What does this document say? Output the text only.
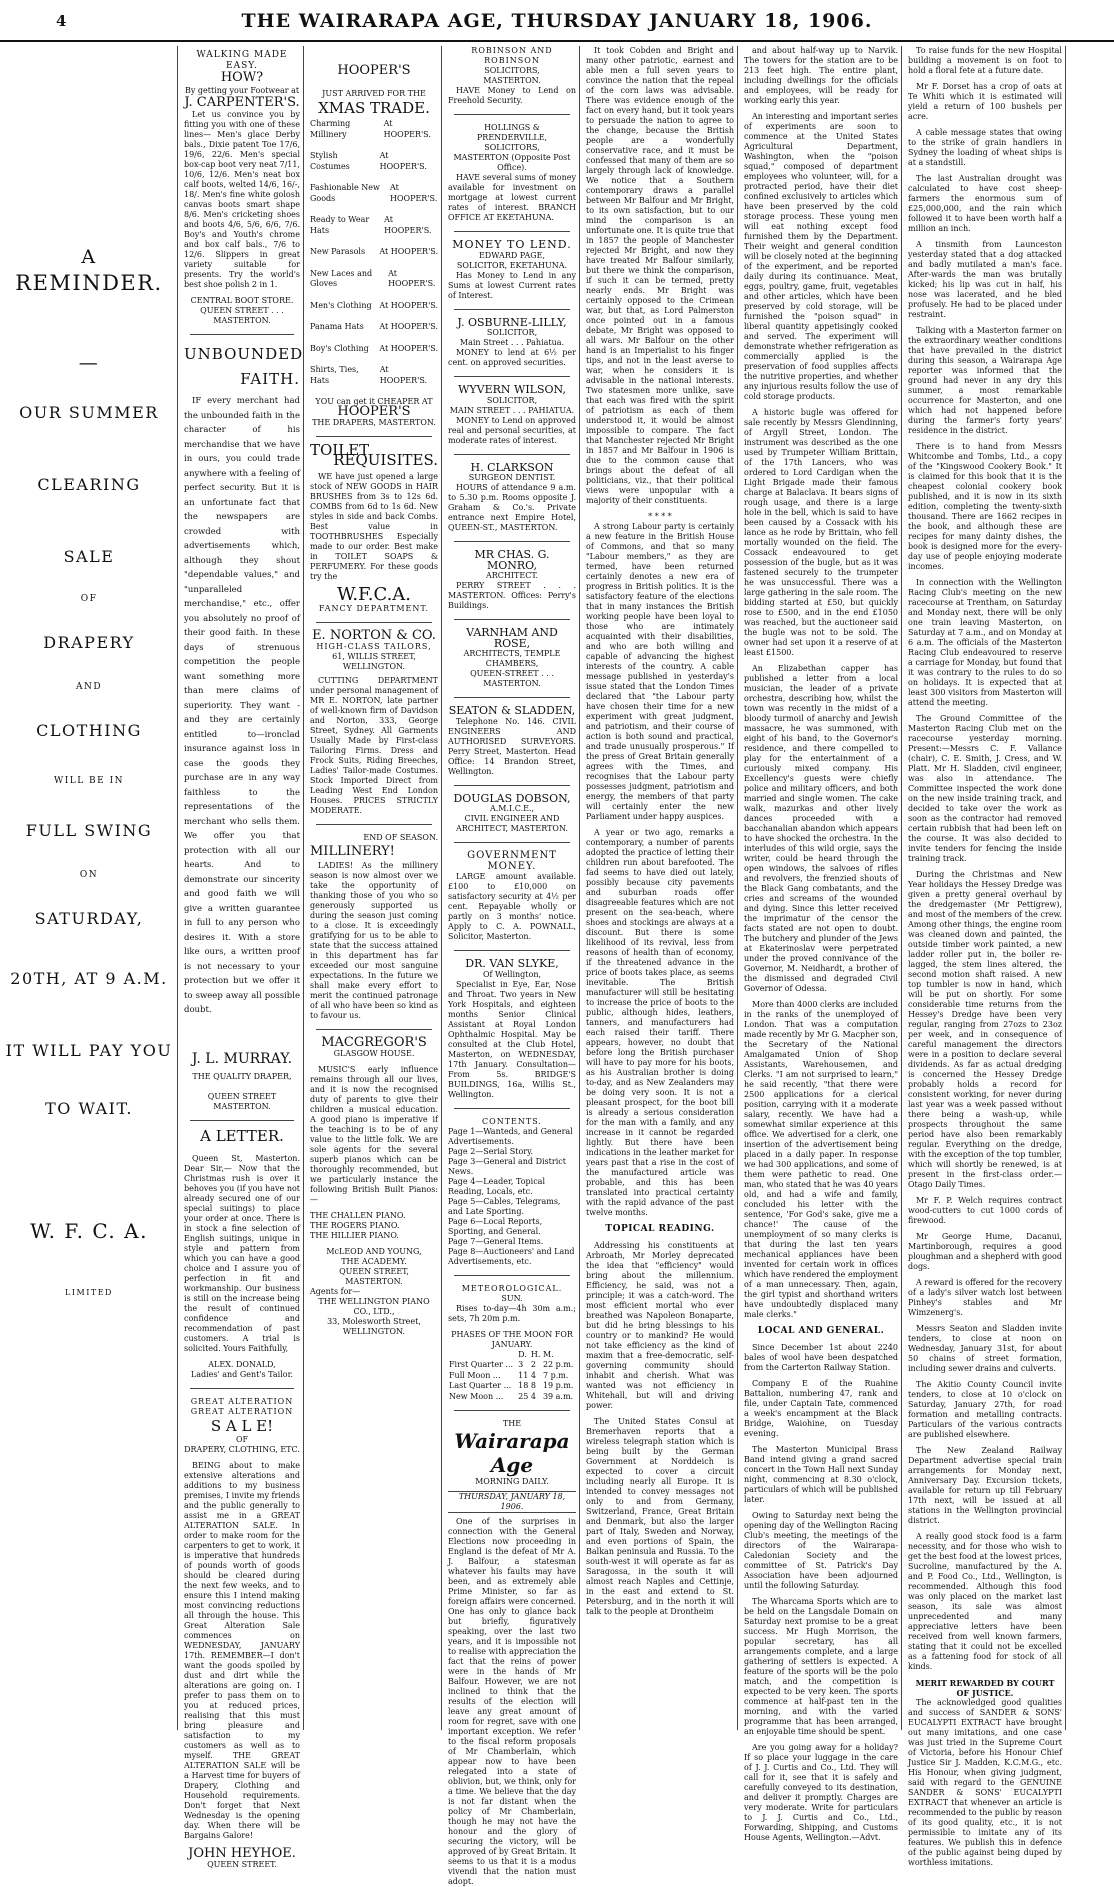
4	THE WAIRARAPA AGE, THURSDAY JANUARY 18, 1906.
A
REMINDER.
—
OUR SUMMER
CLEARING
SALE
OF
DRAPERY
AND
CLOTHING
WILL BE IN
FULL SWING
ON
SATURDAY,
20TH, AT 9 A.M.
IT WILL PAY YOU
TO WAIT.
W. F. C. A.
LIMITED
WALKING MADE EASY.
HOW?
By getting your Footwear at
J. CARPENTER'S.
Let us convince you by fitting you with one of these lines— Men's glace Derby bals., Dixie patent Toe 17/6, 19/6, 22/6. Men's special box-cap boot very neat 7/11, 10/6, 12/6. Men's neat box calf boots, welted 14/6, 16/-, 18/. Men's fine white golosh canvas boots smart shape 8/6. Men's cricketing shoes and boots 4/6, 5/6, 6/6, 7/6. Boy's and Youth's chrome and box calf bals., 7/6 to 12/6. Slippers in great variety suitable for presents. Try the world's best shoe polish 2 in 1.
CENTRAL BOOT STORE. QUEEN STREET . . . MASTERTON.
UNBOUNDED
FAITH.
IF every merchant had the unbounded faith in the character of his merchandise that we have in ours, you could trade anywhere with a feeling of perfect security. But it is an unfortunate fact that the newspapers are crowded with advertisements which, although they shout "dependable values," and "unparalleled merchandise," etc., offer you absolutely no proof of their good faith. In these days of strenuous competition the people want something more than mere claims of superiority. They want - and they are certainly entitled to—ironclad insurance against loss in case the goods they purchase are in any way faithless to the representations of the merchant who sells them. We offer you that protection with all our hearts. And to demonstrate our sincerity and good faith we will give a written guarantee in full to any person who desires it. With a store like ours, a written proof is not necessary to your protection but we offer it to sweep away all possible doubt.
J. L. MURRAY.
THE QUALITY DRAPER,
QUEEN STREET MASTERTON.
A LETTER.
Queen St, Masterton. Dear Sir,— Now that the Christmas rush is over it behoves you (if you have not already secured one of our special suitings) to place your order at once. There is in stock a fine selection of English suitings, unique in style and pattern from which you can have a good choice and I assure you of perfection in fit and workmanship. Our business is still on the increase being the result of continued confidence and recommendation of past customers. A trial is solicited. Yours Faithfully,
ALEX. DONALD,
Ladies' and Gent's Tailor.
GREAT ALTERATION
GREAT ALTERATION
S A L E!
OF
DRAPERY, CLOTHING, ETC.
BEING about to make extensive alterations and additions to my business premises, I invite my friends and the public generally to assist me in a GREAT ALTERATION SALE. In order to make room for the carpenters to get to work, it is imperative that hundreds of pounds worth of goods should be cleared during the next few weeks, and to ensure this I intend making most convincing reductions all through the house. This Great Alteration Sale commences on WEDNESDAY, JANUARY 17th. REMEMBER—I don't want the goods spoiled by dust and dirt while the alterations are going on. I prefer to pass them on to you at reduced prices, realising that this must bring pleasure and satisfaction to my customers as well as to myself. THE GREAT ALTERATION SALE will be a Harvest time for buyers of Drapery, Clothing and Household requirements. Don't forget that Next Wednesday is the opening day. When there will be Bargains Galore!
JOHN HEYHOE.
QUEEN STREET.
HOOPER'S
JUST ARRIVED FOR THE
XMAS TRADE.
Charming Millinery
At HOOPER'S.
Stylish Costumes
At HOOPER'S.
Fashionable New Goods
At HOOPER'S.
Ready to Wear Hats
At HOOPER'S.
New Parasols At HOOPER'S.
New Laces and Gloves
At HOOPER'S.
Men's Clothing At HOOPER'S.
Panama Hats At HOOPER'S.
Boy's Clothing At HOOPER'S.
Shirts, Ties, Hats
At HOOPER'S.
YOU can get it CHEAPER AT
HOOPER'S
THE DRAPERS, MASTERTON.
TOILET
REQUISITES.
WE have just opened a large stock of NEW GOODS in HAIR BRUSHES from 3s to 12s 6d. COMBS from 6d to 1s 6d. New styles in side and back Combs. Best value in TOOTHBRUSHES Especially made to our order. Best make in TOILET SOAPS & PERFUMERY. For these goods try the
W.F.C.A.
FANCY DEPARTMENT.
E. NORTON & CO.
HIGH-CLASS TAILORS,
61, WILLIS STREET, WELLINGTON.
CUTTING DEPARTMENT under personal management of MR E. NORTON, late partner of well-known firm of Davidson and Norton, 333, George Street, Sydney. All Garments Usually Made by First-class Tailoring Firms. Dress and Frock Suits, Riding Breeches, Ladies' Tailor-made Costumes. Stock Imported Direct from Leading West End London Houses. PRICES STRICTLY MODERATE.
END OF SEASON.
MILLINERY!
LADIES! As the millinery season is now almost over we take the opportunity of thanking those of you who so generously supported us during the season just coming to a close. It is exceedingly gratifying for us to be able to state that the success attained in this department has far exceeded our most sanguine expectations. In the future we shall make every effort to merit the continued patronage of all who have been so kind as to favour us.
MACGREGOR'S
GLASGOW HOUSE.
MUSIC'S early influence remains through all our lives, and it is now the recognised duty of parents to give their children a musical education. A good piano is imperative if the teaching is to be of any value to the little folk. We are sole agents for the several superb pianos which can be thoroughly recommended, but we particularly instance the following British Built Pianos:—
THE CHALLEN PIANO.
THE ROGERS PIANO.
THE HILLIER PIANO.
McLEOD AND YOUNG,
THE ACADEMY.
QUEEN STREET, MASTERTON.
Agents for—
THE WELLINGTON PIANO CO., LTD.,
33, Molesworth Street,
WELLINGTON.
ROBINSON AND ROBINSON
SOLICITORS,
MASTERTON.
HAVE Money to Lend on Freehold Security.
HOLLINGS & PRENDERVILLE,
SOLICITORS,
MASTERTON (Opposite Post Office).
HAVE several sums of money available for investment on mortgage at lowest current rates of interest. BRANCH OFFICE AT EKETAHUNA.
MONEY TO LEND.
EDWARD PAGE,
SOLICITOR, EKETAHUNA.
Has Money to Lend in any Sums at lowest Current rates of Interest.
J. OSBURNE-LILLY,
SOLICITOR,
Main Street . . . Pahiatua.
MONEY to lend at 6½ per cent. on approved securities.
WYVERN WILSON,
SOLICITOR,
MAIN STREET . . . PAHIATUA.
MONEY to Lend on approved real and personal securities, at moderate rates of interest.
H. CLARKSON
SURGEON DENTIST.
HOURS of attendance 9 a.m. to 5.30 p.m. Rooms opposite J. Graham & Co.'s. Private entrance next Empire Hotel, QUEEN-ST., MASTERTON.
MR CHAS. G. MONRO,
ARCHITECT.
PERRY STREET . . . MASTERTON. Offices: Perry's Buildings.
VARNHAM AND ROSE,
ARCHITECTS, TEMPLE CHAMBERS,
QUEEN-STREET . . . MASTERTON.
SEATON & SLADDEN,
Telephone No. 146. CIVIL ENGINEERS AND AUTHORISED SURVEYORS. Perry Street, Masterton. Head Office: 14 Brandon Street, Wellington.
DOUGLAS DOBSON,
A.M.I.C.E.,
CIVIL ENGINEER AND ARCHITECT, MASTERTON.
GOVERNMENT MONEY.
LARGE amount available. £100 to £10,000 on satisfactory security at 4½ per cent. Repayable wholly or partly on 3 months' notice. Apply to C. A. POWNALL, Solicitor, Masterton.
DR. VAN SLYKE,
Of Wellington,
Specialist in Eye, Ear, Nose and Throat. Two years in New York Hospitals, and eighteen months Senior Clinical Assistant at Royal London Ophthalmic Hospital. May be consulted at the Club Hotel, Masterton, on WEDNESDAY, 17th January. Consultation—From 5s. BRIDGE'S BUILDINGS, 16a, Willis St., Wellington.
CONTENTS.
Page 1—Wanteds, and General Advertisements.
Page 2—Serial Story.
Page 3—General and District News.
Page 4—Leader, Topical Reading, Locals, etc.
Page 5—Cables, Telegrams, and Late Sporting.
Page 6—Local Reports, Sporting, and General.
Page 7—General Items.
Page 8—Auctioneers' and Land Advertisements, etc.
METEOROLOGICAL.
SUN.
Rises to-day—4h 30m a.m.; sets, 7h 20m p.m.
PHASES OF THE MOON FOR JANUARY.
	D.	H.	M.
First Quarter ...	3	2	22 p.m.
Full Moon ...	11	4	7 p.m.
Last Quarter ...	18	8	19 p.m.
New Moon ...	25	4	39 a.m.
THE
Wairarapa Age
MORNING DAILY.
THURSDAY, JANUARY 18, 1906.
One of the surprises in connection with the General Elections now proceeding in England is the defeat of Mr A. J. Balfour, a statesman whatever his faults may have been, and as extremely able Prime Minister, so far as foreign affairs were concerned. One has only to glance back but briefly, figuratively speaking, over the last two years, and it is impossible not to realise with appreciation the fact that the reins of power were in the hands of Mr Balfour. However, we are not inclined to think that the results of the election will leave any great amount of room for regret, save with one important exception. We refer to the fiscal reform proposals of Mr Chamberlain, which appear now to have been relegated into a state of oblivion, but, we think, only for a time. We believe that the day is not far distant when the policy of Mr Chamberlain, though he may not have the honour and the glory of securing the victory, will be approved of by Great Britain. It seems to us that it is a modus vivendi that the nation must adopt.
It took Cobden and Bright and many other patriotic, earnest and able men a full seven years to convince the nation that the repeal of the corn laws was advisable. There was evidence enough of the fact on every hand, but it took years to persuade the nation to agree to the change, because the British people are a wonderfully conservative race, and it must be confessed that many of them are so largely through lack of knowledge. We notice that a Southern contemporary draws a parallel between Mr Balfour and Mr Bright, to its own satisfaction, but to our mind the comparison is an unfortunate one. It is quite true that in 1857 the people of Manchester rejected Mr Bright, and now they have treated Mr Balfour similarly, but there we think the comparison, if such it can be termed, pretty nearly ends. Mr Bright was certainly opposed to the Crimean war, but that, as Lord Palmerston once pointed out in a famous debate, Mr Bright was opposed to all wars. Mr Balfour on the other hand is an Imperialist to his finger tips, and not in the least averse to war, when he considers it is advisable in the national interests. Two statesmen more unlike, save that each was fired with the spirit of patriotism as each of them understood it, it would be almost impossible to compare. The fact that Manchester rejected Mr Bright in 1857 and Mr Balfour in 1906 is due to the common cause that brings about the defeat of all politicians, viz., that their political views were unpopular with a majority of their constituents.
* * * *
A strong Labour party is certainly a new feature in the British House of Commons, and that so many "Labour members," as they are termed, have been returned certainly denotes a new era of progress in British politics. It is the satisfactory feature of the elections that in many instances the British working people have been loyal to those who are intimately acquainted with their disabilities, and who are both willing and capable of advancing the highest interests of the country. A cable message published in yesterday's issue stated that the London Times declared that "the Labour party have chosen their time for a new experiment with great judgment, and patriotism, and their course of action is both sound and practical, and trade unusually prosperous." If the press of Great Britain generally agrees with the Times, and recognises that the Labour party possesses judgment, patriotism and energy, the members of that party will certainly enter the new Parliament under happy auspices.
A year or two ago, remarks a contemporary, a number of parents adopted the practice of letting their children run about barefooted. The fad seems to have died out lately, possibly because city pavements and suburban roads offer disagreeable features which are not present on the sea-beach, where shoes and stockings are always at a discount. But there is some likelihood of its revival, less from reasons of health than of economy, if the threatened advance in the price of boots takes place, as seems inevitable. The British manufacturer will still be hesitating to increase the price of boots to the public, although hides, leathers, tanners, and manufacturers had each raised their tariff. There appears, however, no doubt that before long the British purchaser will have to pay more for his boots, as his Australian brother is doing to-day, and as New Zealanders may be doing very soon. It is not a pleasant prospect, for the boot bill is already a serious consideration for the man with a family, and any increase in it cannot be regarded lightly. But there have been indications in the leather market for years past that a rise in the cost of the manufactured article was probable, and this has been translated into practical certainty with the rapid advance of the past twelve months.
TOPICAL READING.
Addressing his constituents at Arbroath, Mr Morley deprecated the idea that "efficiency" would bring about the millennium. Efficiency, he said, was not a principle; it was a catch-word. The most efficient mortal who ever breathed was Napoleon Bonaparte, but did he bring blessings to his country or to mankind? He would not take efficiency as the kind of maxim that a free-democratic, self-governing community should inhabit and cherish. What was wanted was not efficiency in Whitehall, but will and driving power.
The United States Consul at Bremerhaven reports that a wireless telegraph station which is being built by the German Government at Norddeich is expected to cover a circuit including nearly all Europe. It is intended to convey messages not only to and from Germany, Switzerland, France, Great Britain and Denmark, but also the larger part of Italy, Sweden and Norway, and even portions of Spain, the Balkan peninsula and Russia. To the south-west it will operate as far as Saragossa, in the south it will almost reach Naples and Cettinje, in the east and extend to St. Petersburg, and in the north it will talk to the people at Drontheim
and about half-way up to Narvik. The towers for the station are to be 213 feet high. The entire plant, including dwellings for the officials and employees, will be ready for working early this year.
An interesting and important series of experiments are soon to commence at the United States Agricultural Department, Washington, when the "poison squad," composed of department employees who volunteer, will, for a protracted period, have their diet confined exclusively to articles which have been preserved by the cold storage process. These young men will eat nothing except food furnished them by the Department. Their weight and general condition will be closely noted at the beginning of the experiment, and be reported daily during its continuance. Meat, eggs, poultry, game, fruit, vegetables and other articles, which have been preserved by cold storage, will be furnished the "poison squad" in liberal quantity appetisingly cooked and served. The experiment will demonstrate whether refrigeration as commercially applied is the preservation of food supplies affects the nutritive properties, and whether any injurious results follow the use of cold storage products.
A historic bugle was offered for sale recently by Messrs Glendinning, of Argyll Street, London. The instrument was described as the one used by Trumpeter William Brittain, of the 17th Lancers, who was ordered to Lord Cardigan when the Light Brigade made their famous charge at Balaclava. It bears signs of rough usage, and there is a large hole in the bell, which is said to have been caused by a Cossack with his lance as he rode by Brittain, who fell mortally wounded on the field. The Cossack endeavoured to get possession of the bugle, but as it was fastened securely to the trumpeter he was unsuccessful. There was a large gathering in the sale room. The bidding started at £50, but quickly rose to £500, and in the end £1050 was reached, but the auctioneer said the bugle was not to be sold. The owner had set upon it a reserve of at least £1500.
An Elizabethan capper has published a letter from a local musician, the leader of a private orchestra, describing how, whilst the town was recently in the midst of a bloody turmoil of anarchy and Jewish massacre, he was summoned, with eight of his band, to the Governor's residence, and there compelled to play for the entertainment of a curiously mixed company. His Excellency's guests were chiefly police and military officers, and both married and single women. The cake walk, mazurkas and other lively dances proceeded with a bacchanalian abandon which appears to have shocked the orchestra. In the interludes of this wild orgie, says the writer, could be heard through the open windows, the salvoes of rifles and revolvers, the frenzied shouts of the Black Gang combatants, and the cries and screams of the wounded and dying. Since this letter received the imprimatur of the censor the facts stated are not open to doubt. The butchery and plunder of the Jews at Ekaterinoslav were perpetrated under the proved connivance of the Governor, M. Neidhardt, a brother of the dismissed and degraded Civil Governor of Odessa.
More than 4000 clerks are included in the ranks of the unemployed of London. That was a computation made recently by Mr G. Macpher son, the Secretary of the National Amalgamated Union of Shop Assistants, Warehousemen, and Clerks. "I am not surprised to learn," he said recently, "that there were 2500 applications for a clerical position, carrying with it a moderate salary, recently. We have had a somewhat similar experience at this office. We advertised for a clerk, one insertion of the advertisement being placed in a daily paper. In response we had 300 applications, and some of them were pathetic to read. One man, who stated that he was 40 years old, and had a wife and family, concluded his letter with the sentence, 'For God's sake, give me a chance!' The cause of the unemployment of so many clerks is that during the last ten years mechanical appliances have been invented for certain work in offices which have rendered the employment of a man unnecessary. Then, again, the girl typist and shorthand writers have undoubtedly displaced many male clerks."
LOCAL AND GENERAL.
Since December 1st about 2240 bales of wool have been despatched from the Carterton Railway Station.
Company E of the Ruahine Battalion, numbering 47, rank and file, under Captain Tate, commenced a week's encampment at the Black Bridge, Waiohine, on Tuesday evening.
The Masterton Municipal Brass Band intend giving a grand sacred concert in the Town Hall next Sunday night, commencing at 8.30 o'clock, particulars of which will be published later.
Owing to Saturday next being the opening day of the Wellington Racing Club's meeting, the meetings of the directors of the Wairarapa-Caledonian Society and the committee of St. Patrick's Day Association have been adjourned until the following Saturday.
The Wharcama Sports which are to be held on the Langsdale Domain on Saturday next promise to be a great success. Mr Hugh Morrison, the popular secretary, has all arrangements complete, and a large gathering of settlers is expected. A feature of the sports will be the polo match, and the competition is expected to be very keen. The sports commence at half-past ten in the morning, and with the varied programme that has been arranged, an enjoyable time should be spent.
Are you going away for a holiday? If so place your luggage in the care of J. J. Curtis and Co., Ltd. They will call for it, see that it is safely and carefully conveyed to its destination, and deliver it promptly. Charges are very moderate. Write for particulars to J. J. Curtis and Co., Ltd., Forwarding, Shipping, and Customs House Agents, Wellington.—Advt.
To raise funds for the new Hospital building a movement is on foot to hold a floral fete at a future date.
Mr F. Dorset has a crop of oats at Te Whiti which it is estimated will yield a return of 100 bushels per acre.
A cable message states that owing to the strike of grain handlers in Sydney the loading of wheat ships is at a standstill.
The last Australian drought was calculated to have cost sheep-farmers the enormous sum of £25,000,000, and the rain which followed it to have been worth half a million an inch.
A tinsmith from Launceston yesterday stated that a dog attacked and badly mutilated a man's face. After-wards the man was brutally kicked; his lip was cut in half, his nose was lacerated, and he bled profusely. He had to be placed under restraint.
Talking with a Masterton farmer on the extraordinary weather conditions that have prevailed in the district during this season, a Wairarapa Age reporter was informed that the ground had never in any dry this summer, a most remarkable occurrence for Masterton, and one which had not happened before during the farmer's forty years' residence in the district.
There is to hand from Messrs Whitcombe and Tombs, Ltd., a copy of the "Kingswood Cookery Book." It is claimed for this book that it is the cheapest colonial cookery book published, and it is now in its sixth edition, completing the twenty-sixth thousand. There are 1662 recipes in the book, and although these are recipes for many dainty dishes, the book is designed more for the every-day use of people enjoying moderate incomes.
In connection with the Wellington Racing Club's meeting on the new racecourse at Trentham, on Saturday and Monday next, there will be only one train leaving Masterton, on Saturday at 7 a.m., and on Monday at 6 a.m. The officials of the Masterton Racing Club endeavoured to reserve a carriage for Monday, but found that it was contrary to the rules to do so on holidays. It is expected that at least 300 visitors from Masterton will attend the meeting.
The Ground Committee of the Masterton Racing Club met on the racecourse yesterday morning. Present:—Messrs C. F. Vallance (chair), C. E. Smith, J. Cress, and W. Platt. Mr H. Sladden, civil engineer, was also in attendance. The Committee inspected the work done on the new inside training track, and decided to take over the work as soon as the contractor had removed certain rubbish that had been left on the course. It was also decided to invite tenders for fencing the inside training track.
During the Christmas and New Year holidays the Hessey Dredge was given a pretty general overhaul by the dredgemaster (Mr Pettigrew), and most of the members of the crew. Among other things, the engine room was cleaned down and painted, the outside timber work painted, a new ladder roller put in, the boiler re-lagged, the stem lines altered, the second motion shaft raised. A new top tumbler is now in hand, which will be put on shortly. For some considerable time returns from the Hessey's Dredge have been very regular, ranging from 27ozs to 23oz per week, and in consequence of careful management the directors were in a position to declare several dividends. As far as actual dredging is concerned the Hessey Dredge probably holds a record for consistent working, for never during last year was a week passed without there being a wash-up, while prospects throughout the same period have also been remarkably regular. Everything on the dredge, with the exception of the top tumbler, which will shortly be renewed, is at present in the first-class order.—Otago Daily Times.
Mr F. P. Welch requires contract wood-cutters to cut 1000 cords of firewood.
Mr George Hume, Dacanui, Martinborough, requires a good ploughman and a shepherd with good dogs.
A reward is offered for the recovery of a lady's silver watch lost between Pinhey's stables and Mr Wimzenerg's.
Messrs Seaton and Sladden invite tenders, to close at noon on Wednesday, January 31st, for about 50 chains of street formation, including sewer drains and culverts.
The Akitio County Council invite tenders, to close at 10 o'clock on Saturday, January 27th, for road formation and metalling contracts. Particulars of the various contracts are published elsewhere.
The New Zealand Railway Department advertise special train arrangements for Monday next, Anniversary Day. Excursion tickets, available for return up till February 17th next, will be issued at all stations in the Wellington provincial district.
A really good stock food is a farm necessity, and for those who wish to get the best food at the lowest prices, Sucroline, manufactured by the A. and P. Food Co., Ltd., Wellington, is recommended. Although this food was only placed on the market last season, its sale was almost unprecedented and many appreciative letters have been received from well known farmers, stating that it could not be excelled as a fattening food for stock of all kinds.
MERIT REWARDED BY COURT OF JUSTICE.
The acknowledged good qualities and success of SANDER & SONS' EUCALYPTI EXTRACT have brought out many imitations, and one case was just tried in the Supreme Court of Victoria, before his Honour Chief Justice Sir J. Madden, K.C.M.G., etc. His Honour, when giving judgment, said with regard to the GENUINE SANDER & SONS' EUCALYPTI EXTRACT that whenever an article is recommended to the public by reason of its good quality, etc., it is not permissible to imitate any of its features. We publish this in defence of the public against being duped by worthless imitations.
